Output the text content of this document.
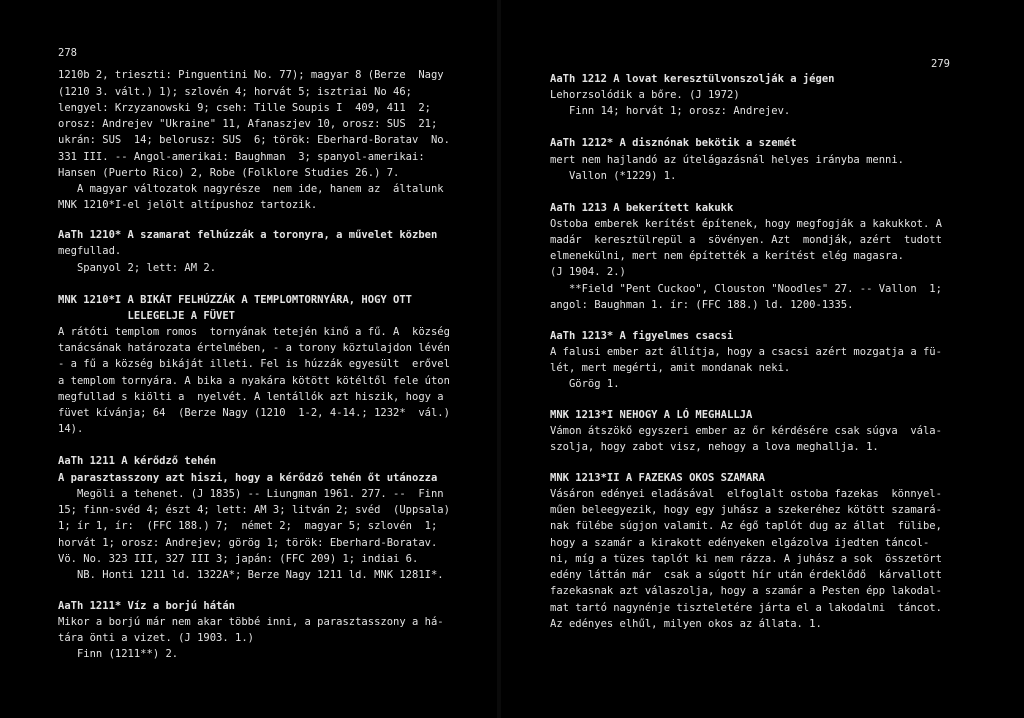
278
1210b 2, trieszti: Pinguentini No. 77); magyar 8 (Berze  Nagy
(1210 3. vált.) 1); szlovén 4; horvát 5; isztriai No 46;
lengyel: Krzyzanowski 9; cseh: Tille Soupis I  409, 411  2;
orosz: Andrejev "Ukraine" 11, Afanaszjev 10, orosz: SUS  21;
ukrán: SUS  14; belorusz: SUS  6; török: Eberhard-Boratav  No.
331 III. -- Angol-amerikai: Baughman  3; spanyol-amerikai:
Hansen (Puerto Rico) 2, Robe (Folklore Studies 26.) 7.
A magyar változatok nagyrésze  nem ide, hanem az  általunk
MNK 1210*I-el jelölt altípushoz tartozik.
AaTh 1210* A szamarat felhúzzák a toronyra, a művelet közben
megfullad.
Spanyol 2; lett: AM 2.
MNK 1210*I A BIKÁT FELHÚZZÁK A TEMPLOMTORNYÁRA, HOGY OTT
LELEGELJE A FÜVET
A rátóti templom romos  tornyának tetején kinő a fű. A  község
tanácsának határozata értelmében, - a torony köztulajdon lévén
- a fű a község bikáját illeti. Fel is húzzák egyesült  erővel
a templom tornyára. A bika a nyakára kötött kötéltől fele úton
megfullad s kiölti a  nyelvét. A lentállók azt hiszik, hogy a
füvet kívánja; 64  (Berze Nagy (1210  1-2, 4-14.; 1232*  vál.)
14).
AaTh 1211 A kérődző tehén
A parasztasszony azt hiszi, hogy a kérődző tehén őt utánozza
Megöli a tehenet. (J 1835) -- Liungman 1961. 277. --  Finn
15; finn-svéd 4; észt 4; lett: AM 3; litván 2; svéd  (Uppsala)
1; ír 1, ír:  (FFC 188.) 7;  német 2;  magyar 5; szlovén  1;
horvát 1; orosz: Andrejev; görög 1; török: Eberhard-Boratav.
Vö. No. 323 III, 327 III 3; japán: (FFC 209) 1; indiai 6.
NB. Honti 1211 ld. 1322A*; Berze Nagy 1211 ld. MNK 1281I*.
AaTh 1211* Víz a borjú hátán
Mikor a borjú már nem akar többé inni, a parasztasszony a há-
tára önti a vizet. (J 1903. 1.)
Finn (1211**) 2.
279
AaTh 1212 A lovat keresztülvonszolják a jégen
Lehorzsolódik a bőre. (J 1972)
Finn 14; horvát 1; orosz: Andrejev.
AaTh 1212* A disznónak bekötik a szemét
mert nem hajlandó az útelágazásnál helyes irányba menni.
Vallon (*1229) 1.
AaTh 1213 A bekerített kakukk
Ostoba emberek kerítést építenek, hogy megfogják a kakukkot. A
madár  keresztülrepül a  sövényen. Azt  mondják, azért  tudott
elmenekülni, mert nem építették a kerítést elég magasra.
(J 1904. 2.)
**Field "Pent Cuckoo", Clouston "Noodles" 27. -- Vallon  1;
angol: Baughman 1. ír: (FFC 188.) ld. 1200-1335.
AaTh 1213* A figyelmes csacsi
A falusi ember azt állítja, hogy a csacsi azért mozgatja a fü-
lét, mert megérti, amit mondanak neki.
Görög 1.
MNK 1213*I NEHOGY A LÓ MEGHALLJA
Vámon átszökő egyszeri ember az őr kérdésére csak súgva  vála-
szolja, hogy zabot visz, nehogy a lova meghallja. 1.
MNK 1213*II A FAZEKAS OKOS SZAMARA
Vásáron edényei eladásával  elfoglalt ostoba fazekas  könnyel-
műen beleegyezik, hogy egy juhász a szekeréhez kötött szamará-
nak fülébe súgjon valamit. Az égő taplót dug az állat  fülibe,
hogy a szamár a kirakott edényeken elgázolva ijedten táncol-
ni, míg a tüzes taplót ki nem rázza. A juhász a sok  összetört
edény láttán már  csak a súgott hír után érdeklődő  kárvallott
fazekasnak azt válaszolja, hogy a szamár a Pesten épp lakodal-
mat tartó nagynénje tiszteletére járta el a lakodalmi  táncot.
Az edényes elhűl, milyen okos az állata. 1.
